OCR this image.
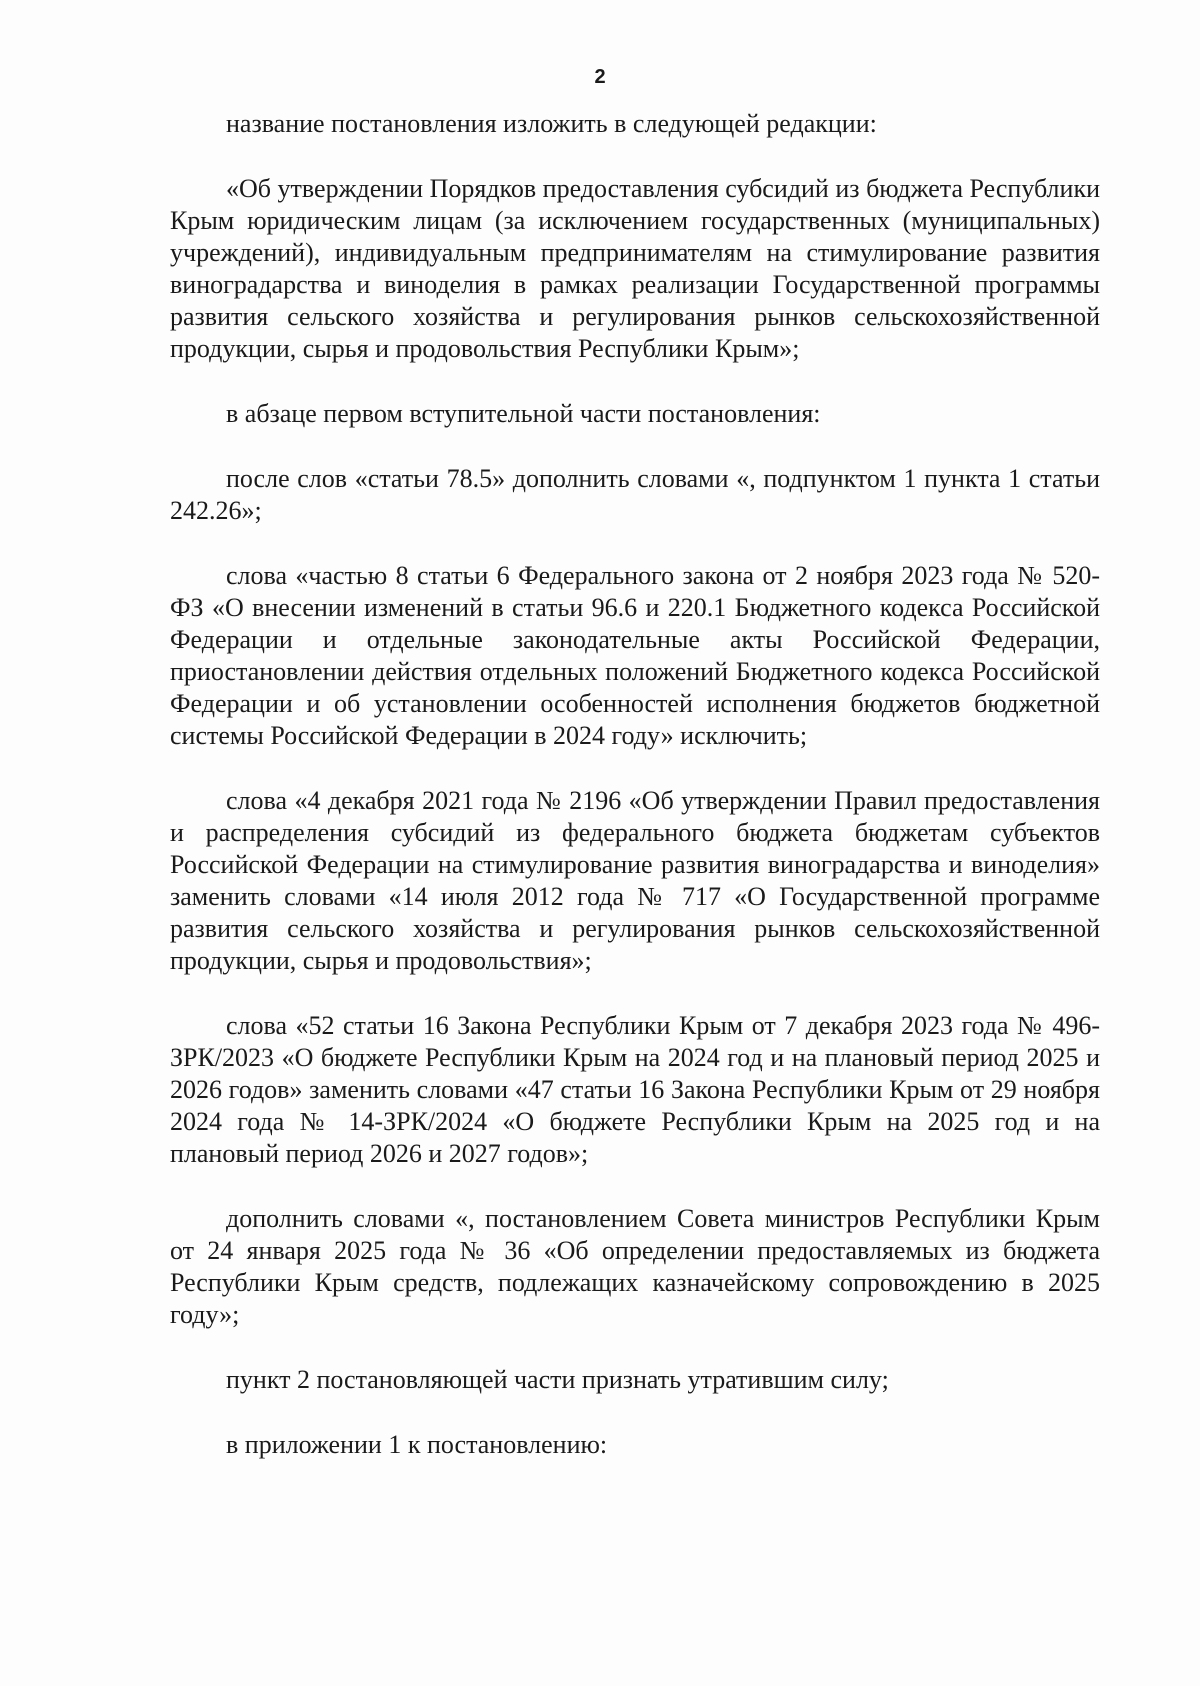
2

название постановления изложить в следующей редакции:

«Об утверждении Порядков предоставления субсидий из бюджета Республики Крым юридическим лицам (за исключением государственных (муниципальных) учреждений), индивидуальным предпринимателям на стимулирование развития виноградарства и виноделия в рамках реализации Государственной программы развития сельского хозяйства и регулирования рынков сельскохозяйственной продукции, сырья и продовольствия Республики Крым»;

в абзаце первом вступительной части постановления:

после слов «статьи 78.5» дополнить словами «, подпунктом 1 пункта 1 статьи 242.26»;

слова «частью 8 статьи 6 Федерального закона от 2 ноября 2023 года № 520-ФЗ «О внесении изменений в статьи 96.6 и 220.1 Бюджетного кодекса Российской Федерации и отдельные законодательные акты Российской Федерации, приостановлении действия отдельных положений Бюджетного кодекса Российской Федерации и об установлении особенностей исполнения бюджетов бюджетной системы Российской Федерации в 2024 году» исключить;

слова «4 декабря 2021 года № 2196 «Об утверждении Правил предоставления и распределения субсидий из федерального бюджета бюджетам субъектов Российской Федерации на стимулирование развития виноградарства и виноделия» заменить словами «14 июля 2012 года № 717 «О Государственной программе развития сельского хозяйства и регулирования рынков сельскохозяйственной продукции, сырья и продовольствия»;

слова «52 статьи 16 Закона Республики Крым от 7 декабря 2023 года № 496-ЗРК/2023 «О бюджете Республики Крым на 2024 год и на плановый период 2025 и 2026 годов» заменить словами «47 статьи 16 Закона Республики Крым от 29 ноября 2024 года № 14-ЗРК/2024 «О бюджете Республики Крым на 2025 год и на плановый период 2026 и 2027 годов»;

дополнить словами «, постановлением Совета министров Республики Крым от 24 января 2025 года № 36 «Об определении предоставляемых из бюджета Республики Крым средств, подлежащих казначейскому сопровождению в 2025 году»;

пункт 2 постановляющей части признать утратившим силу;

в приложении 1 к постановлению:
